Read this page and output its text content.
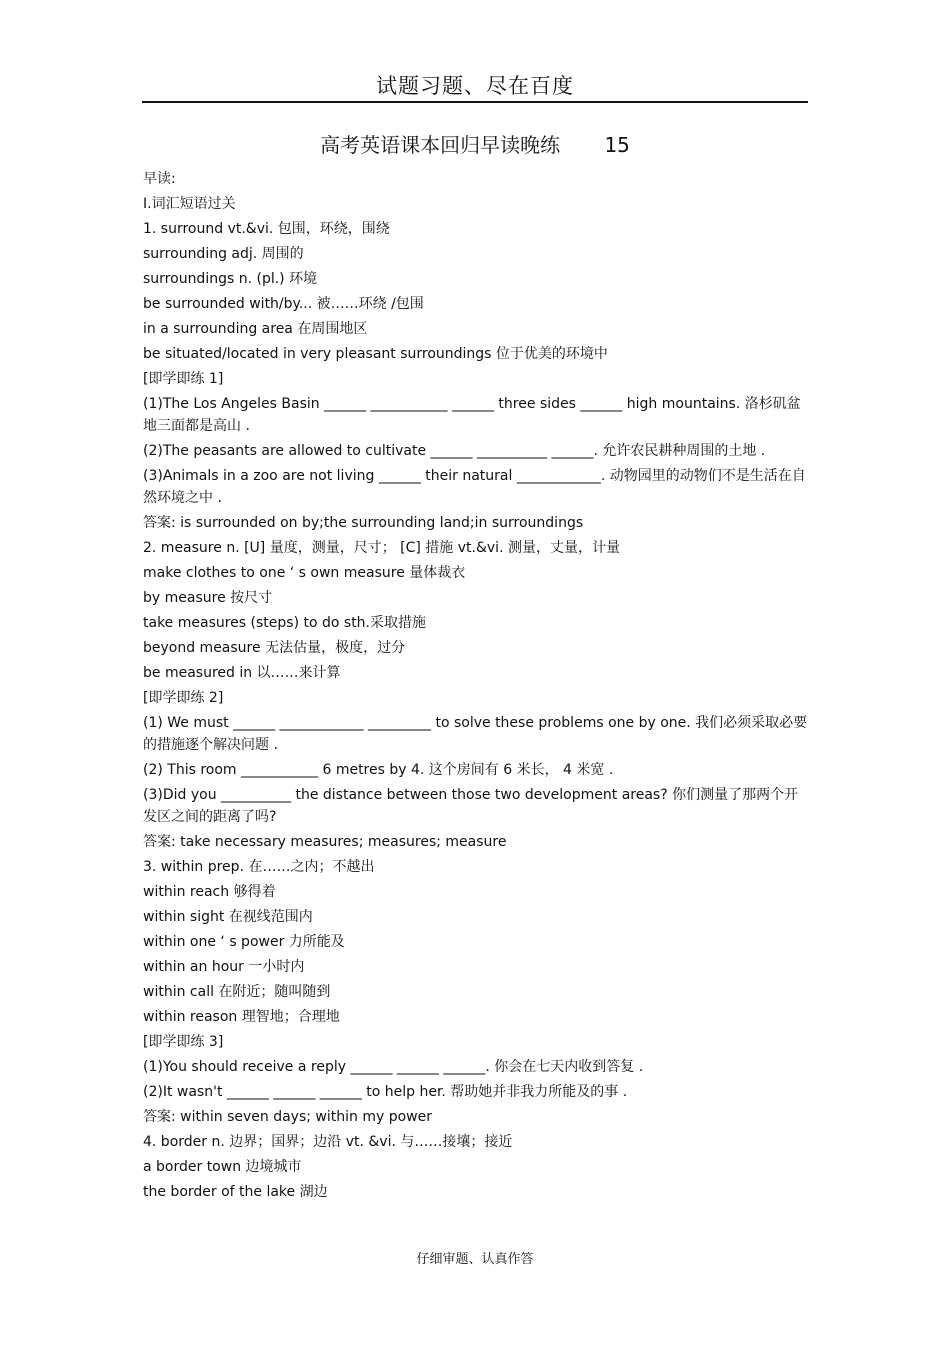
试题习题、尽在百度
高考英语课本回归早读晚练 15
早读:
Ⅰ.词汇短语过关
1. surround vt.&vi. 包围，环绕，围绕
surrounding adj. 周围的
surroundings n. (pl.) 环境
be surrounded with/by... 被……环绕 /包围
in a surrounding area 在周围地区
be situated/located in very pleasant surroundings 位于优美的环境中
[即学即练 1]
(1)The Los Angeles Basin ______ ___________ ______ three sides ______ high mountains. 洛杉矶盆地三面都是高山 .
(2)The peasants are allowed to cultivate ______ __________ ______. 允许农民耕种周围的土地 .
(3)Animals in a zoo are not living ______ their natural ____________. 动物园里的动物们不是生活在自然环境之中 .
答案: is surrounded on by;the surrounding land;in surroundings
2. measure n. [U] 量度，测量，尺寸； [C] 措施 vt.&vi. 测量，丈量，计量
make clothes to one ‘ s own measure 量体裁衣
by measure 按尺寸
take measures (steps) to do sth.采取措施
beyond measure 无法估量，极度，过分
be measured in 以……来计算
[即学即练 2]
(1) We must ______ ____________ _________ to solve these problems one by one. 我们必须采取必要的措施逐个解决问题 .
(2) This room ___________ 6 metres by 4. 这个房间有 6 米长， 4 米宽 .
(3)Did you __________ the distance between those two development areas? 你们测量了那两个开发区之间的距离了吗?
答案: take necessary measures; measures; measure
3. within prep. 在……之内；不越出
within reach 够得着
within sight 在视线范围内
within one ‘ s power 力所能及
within an hour 一小时内
within call 在附近；随叫随到
within reason 理智地；合理地
[即学即练 3]
(1)You should receive a reply ______ ______ ______. 你会在七天内收到答复 .
(2)It wasn't ______ ______ ______ to help her. 帮助她并非我力所能及的事 .
答案: within seven days; within my power
4. border n. 边界；国界；边沿 vt. &vi. 与……接壤；接近
a border town 边境城市
the border of the lake 湖边
仔细审题、认真作答
